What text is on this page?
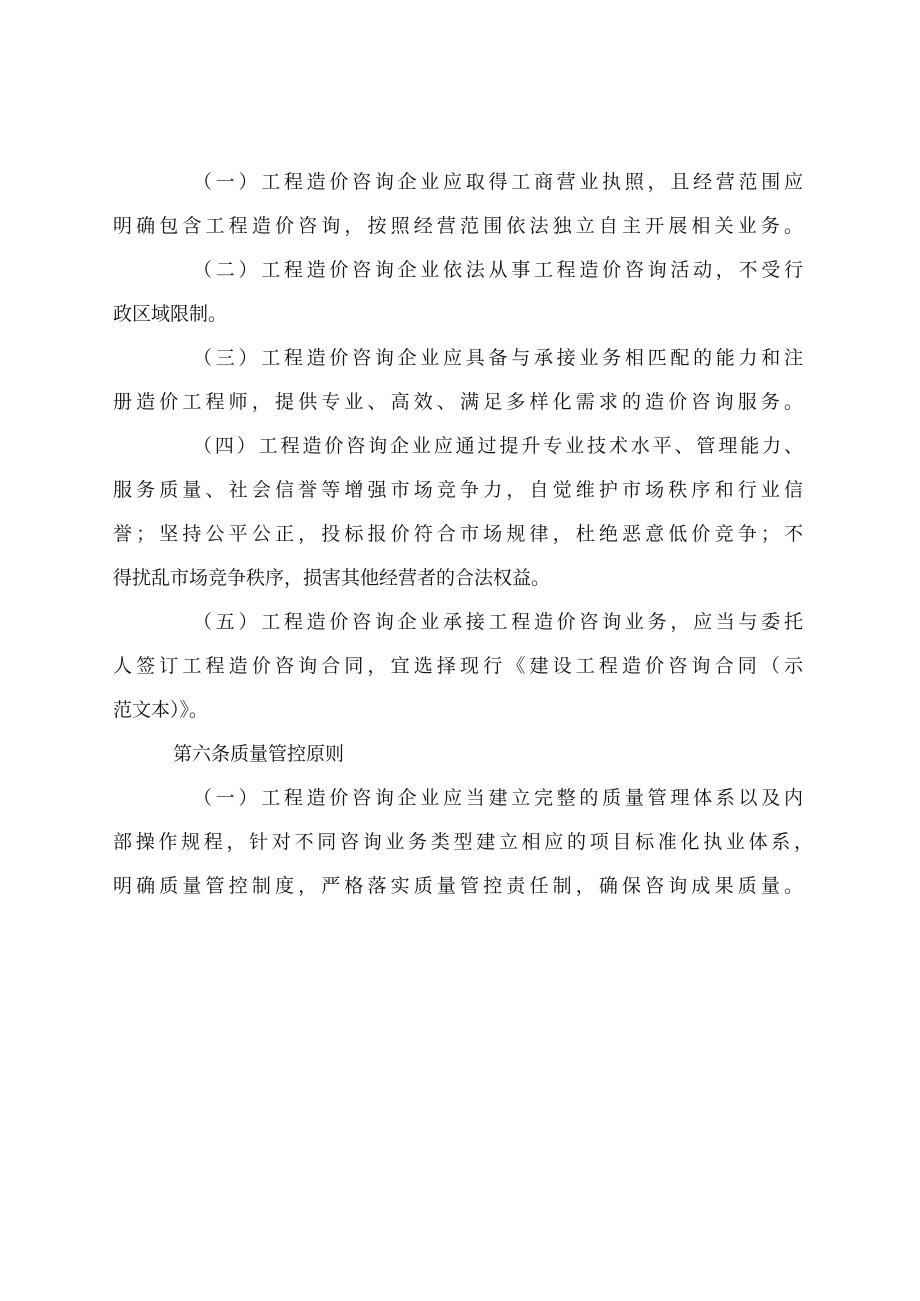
（一）工程造价咨询企业应取得工商营业执照，且经营范围应
明确包含工程造价咨询，按照经营范围依法独立自主开展相关业务。
（二）工程造价咨询企业依法从事工程造价咨询活动，不受行
政区域限制。
（三）工程造价咨询企业应具备与承接业务相匹配的能力和注
册造价工程师，提供专业、高效、满足多样化需求的造价咨询服务。
（四）工程造价咨询企业应通过提升专业技术水平、管理能力、
服务质量、社会信誉等增强市场竞争力，自觉维护市场秩序和行业信
誉；坚持公平公正，投标报价符合市场规律，杜绝恶意低价竞争；不
得扰乱市场竞争秩序，损害其他经营者的合法权益。
（五）工程造价咨询企业承接工程造价咨询业务，应当与委托
人签订工程造价咨询合同，宜选择现行《建设工程造价咨询合同（示
范文本）》。
第六条质量管控原则
（一）工程造价咨询企业应当建立完整的质量管理体系以及内
部操作规程，针对不同咨询业务类型建立相应的项目标准化执业体系，
明确质量管控制度，严格落实质量管控责任制，确保咨询成果质量。
